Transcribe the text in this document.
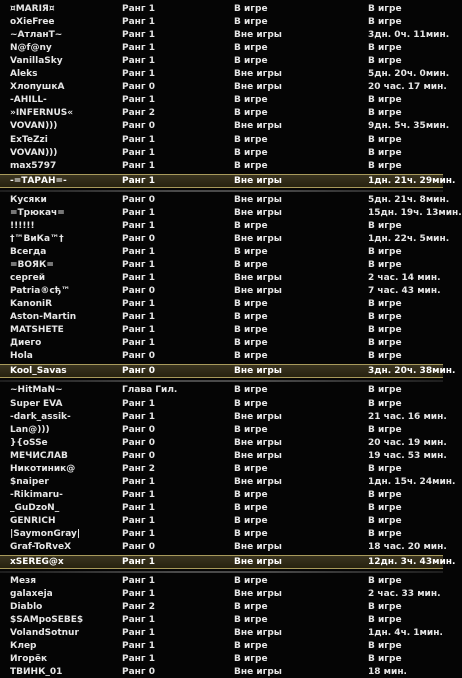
¤MARIЯ¤	Ранг 1	В игре	В игре
oXieFree	Ранг 1	В игре	В игре
~АтланТ~	Ранг 1	Вне игры	3дн. 0ч. 11мин.
N@f@ny	Ранг 1	В игре	В игре
VanillaSky	Ранг 1	В игре	В игре
Aleks	Ранг 1	Вне игры	5дн. 20ч. 0мин.
ХлопушкА	Ранг 0	Вне игры	20 час. 17 мин.
-AHILL-	Ранг 1	В игре	В игре
»INFERNUS«	Ранг 2	В игре	В игре
VOVAN)))	Ранг 0	Вне игры	9дн. 5ч. 35мин.
ExTeZzi	Ранг 1	В игре	В игре
VOVAN)))	Ранг 1	В игре	В игре
max5797	Ранг 1	В игре	В игре
-=ТАРАН=-	Ранг 1	Вне игры	1дн. 21ч. 29мин.
Кусяки	Ранг 0	Вне игры	5дн. 21ч. 8мин.
=Трюкач=	Ранг 1	Вне игры	15дн. 19ч. 13мин.
!!!!!!	Ранг 1	В игре	В игре
†™ВиКа™†	Ранг 0	Вне игры	1дн. 22ч. 5мин.
Всегда	Ранг 1	В игре	В игре
=ВОЯК=	Ранг 1	В игре	В игре
сергей	Ранг 1	Вне игры	2 час. 14 мин.
Patria®cђ™	Ранг 0	Вне игры	7 час. 43 мин.
KanoniR	Ранг 1	В игре	В игре
Aston-Martin	Ранг 1	В игре	В игре
MATSHETE	Ранг 1	В игре	В игре
Диего	Ранг 1	В игре	В игре
Hola	Ранг 0	В игре	В игре
Kool_Savas	Ранг 0	Вне игры	3дн. 20ч. 38мин.
~HitMaN~	Глава Гил.	В игре	В игре
Super EVA	Ранг 1	В игре	В игре
-dark_assik-	Ранг 1	Вне игры	21 час. 16 мин.
Lan@)))	Ранг 0	В игре	В игре
}{oSSe	Ранг 0	Вне игры	20 час. 19 мин.
МЕЧИСЛАВ	Ранг 0	Вне игры	19 час. 53 мин.
Никотиник@	Ранг 2	В игре	В игре
$naiper	Ранг 1	Вне игры	1дн. 15ч. 24мин.
-Rikimaru-	Ранг 1	В игре	В игре
_GuDzoN_	Ранг 1	В игре	В игре
GENRICH	Ранг 1	В игре	В игре
|SaymonGray|	Ранг 1	В игре	В игре
Graf-ToRveX	Ранг 0	Вне игры	18 час. 20 мин.
xSEREG@x	Ранг 1	Вне игры	12дн. 3ч. 43мин.
Мезя	Ранг 1	В игре	В игре
galaxeja	Ранг 1	Вне игры	2 час. 33 мин.
Diablo	Ранг 2	В игре	В игре
$SAMpoSEBE$	Ранг 1	В игре	В игре
VolandSotnur	Ранг 1	Вне игры	1дн. 4ч. 1мин.
Клер	Ранг 1	В игре	В игре
Игорёк	Ранг 1	В игре	В игре
ТВИНК_01	Ранг 0	Вне игры	18 мин.
